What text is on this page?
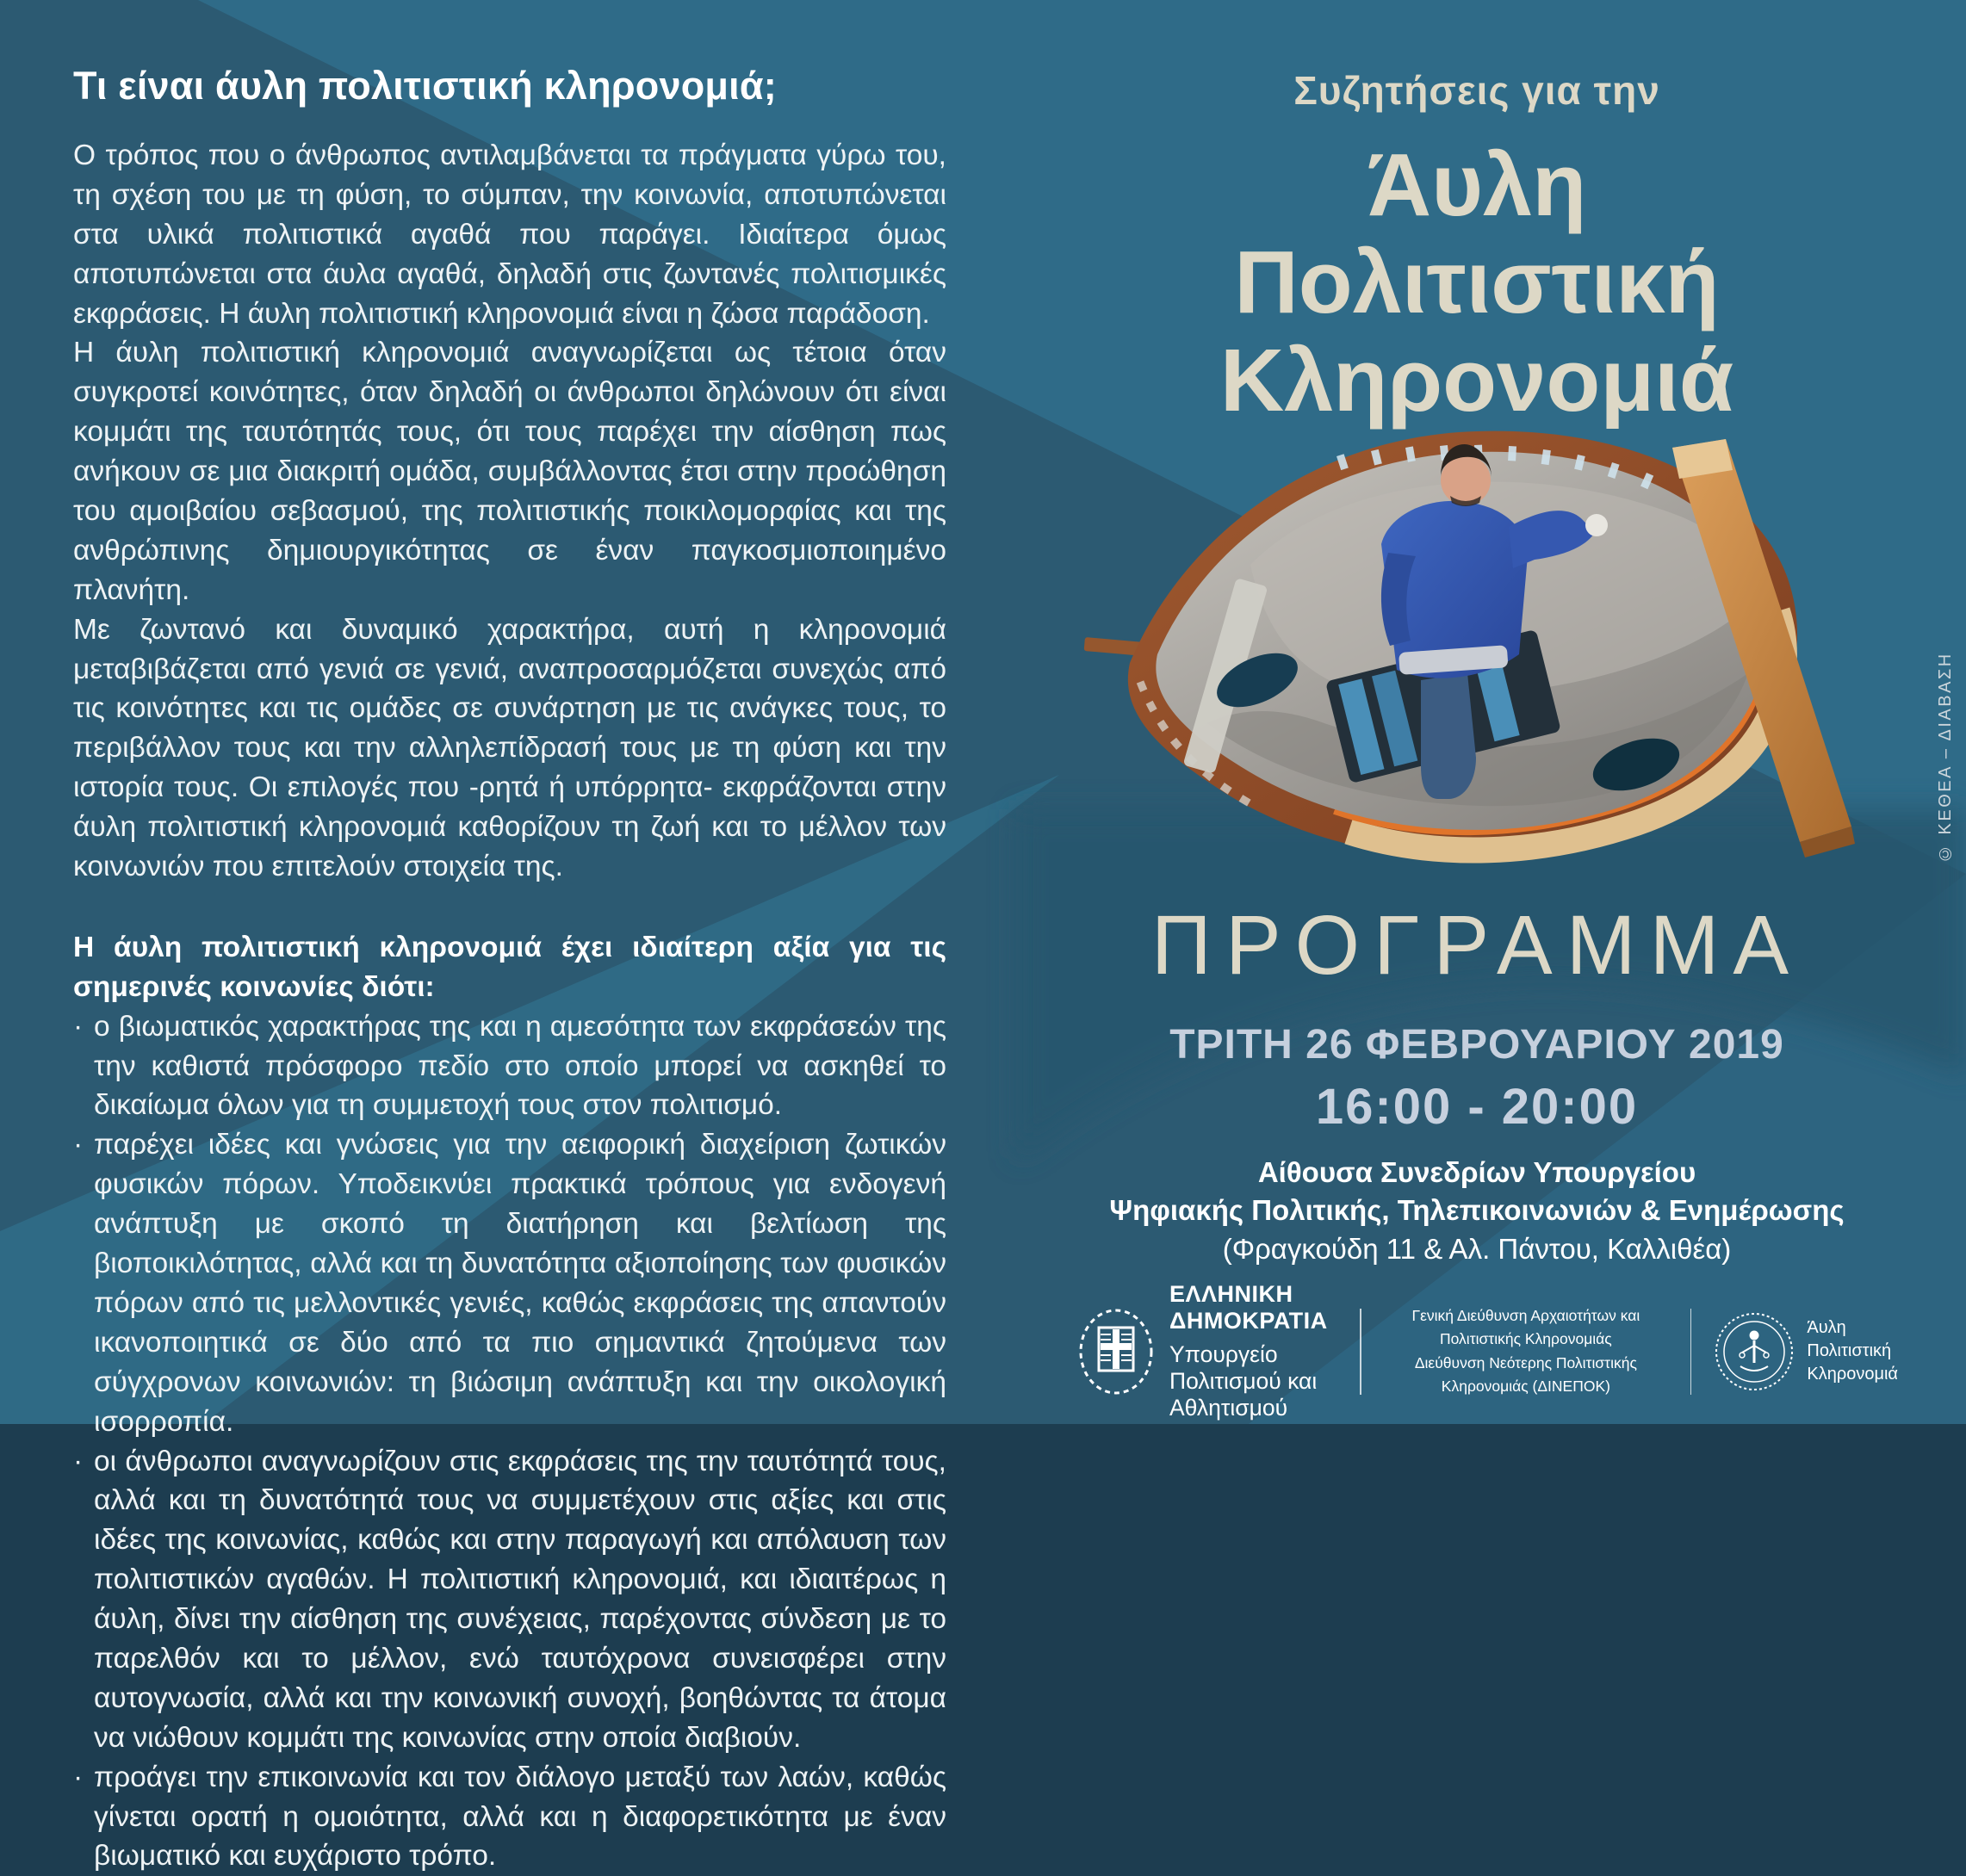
Τι είναι άυλη πολιτιστική κληρονομιά;

Ο τρόπος που ο άνθρωπος αντιλαμβάνεται τα πράγματα γύρω του, τη σχέση του με τη φύση, το σύμπαν, την κοινωνία, αποτυπώνεται στα υλικά πολιτιστικά αγαθά που παράγει. Ιδιαίτερα όμως αποτυπώνεται στα άυλα αγαθά, δηλαδή στις ζωντανές πολιτισμικές εκφράσεις. Η άυλη πολιτιστική κληρονομιά είναι η ζώσα παράδοση.

Η άυλη πολιτιστική κληρονομιά αναγνωρίζεται ως τέτοια όταν συγκροτεί κοινότητες, όταν δηλαδή οι άνθρωποι δηλώνουν ότι είναι κομμάτι της ταυτότητάς τους, ότι τους παρέχει την αίσθηση πως ανήκουν σε μια διακριτή ομάδα, συμβάλλοντας έτσι στην προώθηση του αμοιβαίου σεβασμού, της πολιτιστικής ποικιλομορφίας και της ανθρώπινης δημιουργικότητας σε έναν παγκοσμιοποιημένο πλανήτη.

Με ζωντανό και δυναμικό χαρακτήρα, αυτή η κληρονομιά μεταβιβάζεται από γενιά σε γενιά, αναπροσαρμόζεται συνεχώς από τις κοινότητες και τις ομάδες σε συνάρτηση με τις ανάγκες τους, το περιβάλλον τους και την αλληλεπίδρασή τους με τη φύση και την ιστορία τους. Οι επιλογές που -ρητά ή υπόρρητα- εκφράζονται στην άυλη πολιτιστική κληρονομιά καθορίζουν τη ζωή και το μέλλον των κοινωνιών που επιτελούν στοιχεία της.

Η άυλη πολιτιστική κληρονομιά έχει ιδιαίτερη αξία για τις σημερινές κοινωνίες διότι:

· ο βιωματικός χαρακτήρας της και η αμεσότητα των εκφράσεών της την καθιστά πρόσφορο πεδίο στο οποίο μπορεί να ασκηθεί το δικαίωμα όλων για τη συμμετοχή τους στον πολιτισμό.

· παρέχει ιδέες και γνώσεις για την αειφορική διαχείριση ζωτικών φυσικών πόρων. Υποδεικνύει πρακτικά τρόπους για ενδογενή ανάπτυξη με σκοπό τη διατήρηση και βελτίωση της βιοποικιλότητας, αλλά και τη δυνατότητα αξιοποίησης των φυσικών πόρων από τις μελλοντικές γενιές, καθώς εκφράσεις της απαντούν ικανοποιητικά σε δύο από τα πιο σημαντικά ζητούμενα των σύγχρονων κοινωνιών: τη βιώσιμη ανάπτυξη και την οικολογική ισορροπία.

· οι άνθρωποι αναγνωρίζουν στις εκφράσεις της την ταυτότητά τους, αλλά και τη δυνατότητά τους να συμμετέχουν στις αξίες και στις ιδέες της κοινωνίας, καθώς και στην παραγωγή και απόλαυση των πολιτιστικών αγαθών. Η πολιτιστική κληρονομιά, και ιδιαιτέρως η άυλη, δίνει την αίσθηση της συνέχειας, παρέχοντας σύνδεση με το παρελθόν και το μέλλον, ενώ ταυτόχρονα συνεισφέρει στην αυτογνωσία, αλλά και την κοινωνική συνοχή, βοηθώντας τα άτομα να νιώθουν κομμάτι της κοινωνίας στην οποία διαβιούν.

· προάγει την επικοινωνία και τον διάλογο μεταξύ των λαών, καθώς γίνεται ορατή η ομοιότητα, αλλά και η διαφορετικότητα με έναν βιωματικό και ευχάριστο τρόπο.

Συζητήσεις για την
Άυλη
Πολιτιστική
Κληρονομιά
ΠΡΟΓΡΑΜΜΑ
ΤΡΙΤΗ 26 ΦΕΒΡΟΥΑΡΙΟΥ 2019
16:00 - 20:00
Αίθουσα Συνεδρίων Υπουργείου
Ψηφιακής Πολιτικής, Τηλεπικοινωνιών & Ενημέρωσης
(Φραγκούδη 11 & Αλ. Πάντου, Καλλιθέα)
ΕΛΛΗΝΙΚΗ ΔΗΜΟΚΡΑΤΙΑ
Υπουργείο Πολιτισμού και Αθλητισμού
Γενική Διεύθυνση Αρχαιοτήτων και Πολιτιστικής Κληρονομιάς
Διεύθυνση Νεότερης Πολιτιστικής Κληρονομιάς (ΔΙΝΕΠΟΚ)
Άυλη
Πολιτιστική
Κληρονομιά
© ΚΕΘΕΑ – ΔΙΑΒΑΣΗ
